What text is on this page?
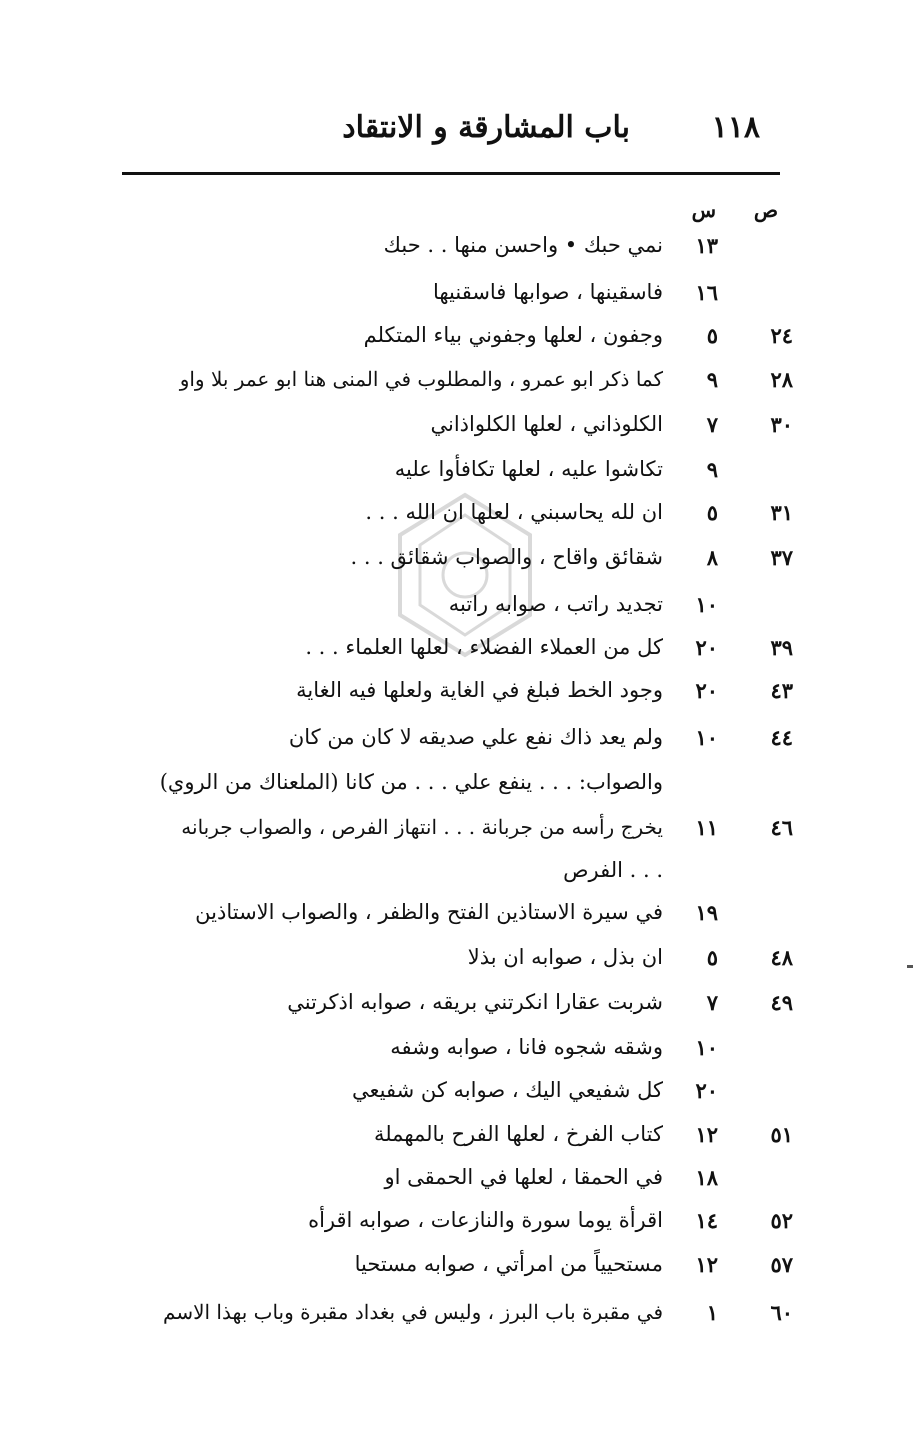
١١٨
باب المشارقة و الانتقاد
ص
س
١٣
نمي حبك • واحسن منها . . حبك
١٦
فاسقينها ، صوابها فاسقنيها
٢٤
٥
وجفون ، لعلها وجفوني بياء المتكلم
٢٨
٩
كما ذكر ابو عمرو ، والمطلوب في المنى هنا ابو عمر بلا واو
٣٠
٧
الكلوذاني ، لعلها الكلواذاني
٩
تكاشوا عليه ، لعلها تكافأوا عليه
٣١
٥
ان لله يحاسبني ، لعلها ان الله . . .
٣٧
٨
شقائق واقاح ، والصواب شقائق . . .
١٠
تجديد راتب ، صوابه راتبه
٣٩
٢٠
كل من العملاء الفضلاء ، لعلها العلماء . . .
٤٣
٢٠
وجود الخط فبلغ في الغاية ولعلها فيه الغاية
٤٤
١٠
ولم يعد ذاك نفع علي صديقه لا كان من كان
والصواب: . . . ينفع علي . . . من كانا (الملعناك من الروي)
٤٦
١١
يخرج رأسه من جربانة . . . انتهاز الفرص ، والصواب جربانه
. . . الفرص
١٩
في سيرة الاستاذين الفتح والظفر ، والصواب الاستاذين
٤٨
٥
ان بذل ، صوابه ان بذلا
٤٩
٧
شربت عقارا انكرتني بريقه ، صوابه اذكرتني
١٠
وشقه شجوه فانا ، صوابه وشفه
٢٠
كل شفيعي اليك ، صوابه كن شفيعي
٥١
١٢
كتاب الفرخ ، لعلها الفرح بالمهملة
١٨
في الحمقا ، لعلها في الحمقى او
٥٢
١٤
اقرأة يوما سورة والنازعات ، صوابه اقرأه
٥٧
١٢
مستحيياً من امرأتي ، صوابه مستحيا
٦٠
١
في مقبرة باب البرز ، وليس في بغداد مقبرة وباب بهذا الاسم
